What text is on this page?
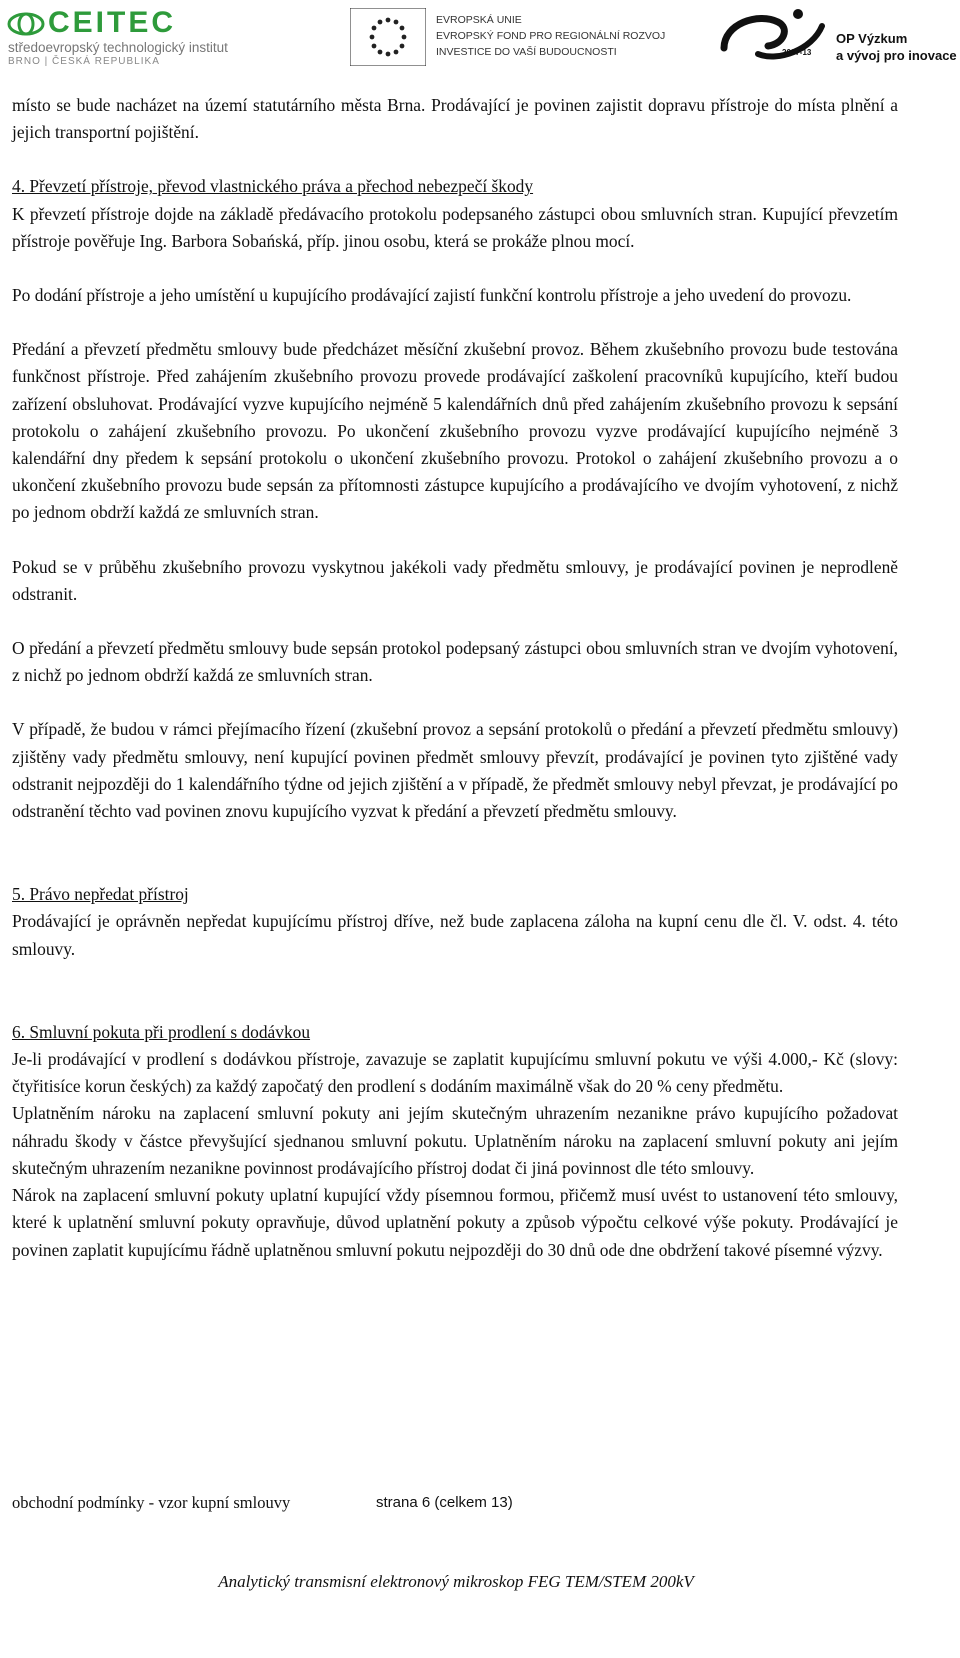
CEITEC
středoevropský technologický institut
BRNO | ČESKÁ REPUBLIKA
EVROPSKÁ UNIE
EVROPSKÝ FOND PRO REGIONÁLNÍ ROZVOJ
INVESTICE DO VAŠÍ BUDOUCNOSTI	2007-13
OP Výzkum
a vývoj pro inovace

místo se bude nacházet na území statutárního města Brna. Prodávající je povinen zajistit dopravu přístroje do místa plnění a jejich transportní pojištění.

4. Převzetí přístroje, převod vlastnického práva a přechod nebezpečí škody

K převzetí přístroje dojde na základě předávacího protokolu podepsaného zástupci obou smluvních stran. Kupující převzetím přístroje pověřuje Ing. Barbora Sobańská, příp. jinou osobu, která se prokáže plnou mocí.

Po dodání přístroje a jeho umístění u kupujícího prodávající zajistí funkční kontrolu přístroje a jeho uvedení do provozu.

Předání a převzetí předmětu smlouvy bude předcházet měsíční zkušební provoz. Během zkušebního provozu bude testována funkčnost přístroje. Před zahájením zkušebního provozu provede prodávající zaškolení pracovníků kupujícího, kteří budou zařízení obsluhovat. Prodávající vyzve kupujícího nejméně 5 kalendářních dnů před zahájením zkušebního provozu k sepsání protokolu o zahájení zkušebního provozu. Po ukončení zkušebního provozu vyzve prodávající kupujícího nejméně 3 kalendářní dny předem k sepsání protokolu o ukončení zkušebního provozu. Protokol o zahájení zkušebního provozu a o ukončení zkušebního provozu bude sepsán za přítomnosti zástupce kupujícího a prodávajícího ve dvojím vyhotovení, z nichž po jednom obdrží každá ze smluvních stran.

Pokud se v průběhu zkušebního provozu vyskytnou jakékoli vady předmětu smlouvy, je prodávající povinen je neprodleně odstranit.

O předání a převzetí předmětu smlouvy bude sepsán protokol podepsaný zástupci obou smluvních stran ve dvojím vyhotovení, z nichž po jednom obdrží každá ze smluvních stran.

V případě, že budou v rámci přejímacího řízení (zkušební provoz a sepsání protokolů o předání a převzetí předmětu smlouvy) zjištěny vady předmětu smlouvy, není kupující povinen předmět smlouvy převzít, prodávající je povinen tyto zjištěné vady odstranit nejpozději do 1 kalendářního týdne od jejich zjištění a v případě, že předmět smlouvy nebyl převzat, je prodávající po odstranění těchto vad povinen znovu kupujícího vyzvat k předání a převzetí předmětu smlouvy.

5. Právo nepředat přístroj

Prodávající je oprávněn nepředat kupujícímu přístroj dříve, než bude zaplacena záloha na kupní cenu dle čl. V. odst. 4. této smlouvy.

6. Smluvní pokuta při prodlení s dodávkou

Je-li prodávající v prodlení s dodávkou přístroje, zavazuje se zaplatit kupujícímu smluvní pokutu ve výši 4.000,- Kč (slovy: čtyřitisíce korun českých) za každý započatý den prodlení s dodáním maximálně však do 20 % ceny předmětu.

Uplatněním nároku na zaplacení smluvní pokuty ani jejím skutečným uhrazením nezanikne právo kupujícího požadovat náhradu škody v částce převyšující sjednanou smluvní pokutu. Uplatněním nároku na zaplacení smluvní pokuty ani jejím skutečným uhrazením nezanikne povinnost prodávajícího přístroj dodat či jiná povinnost dle této smlouvy.

Nárok na zaplacení smluvní pokuty uplatní kupující vždy písemnou formou, přičemž musí uvést to ustanovení této smlouvy, které k uplatnění smluvní pokuty opravňuje, důvod uplatnění pokuty a způsob výpočtu celkové výše pokuty. Prodávající je povinen zaplatit kupujícímu řádně uplatněnou smluvní pokutu nejpozději do 30 dnů ode dne obdržení takové písemné výzvy.

obchodní podmínky - vzor kupní smlouvy	strana 6 (celkem 13)
Analytický transmisní elektronový mikroskop FEG TEM/STEM 200kV
